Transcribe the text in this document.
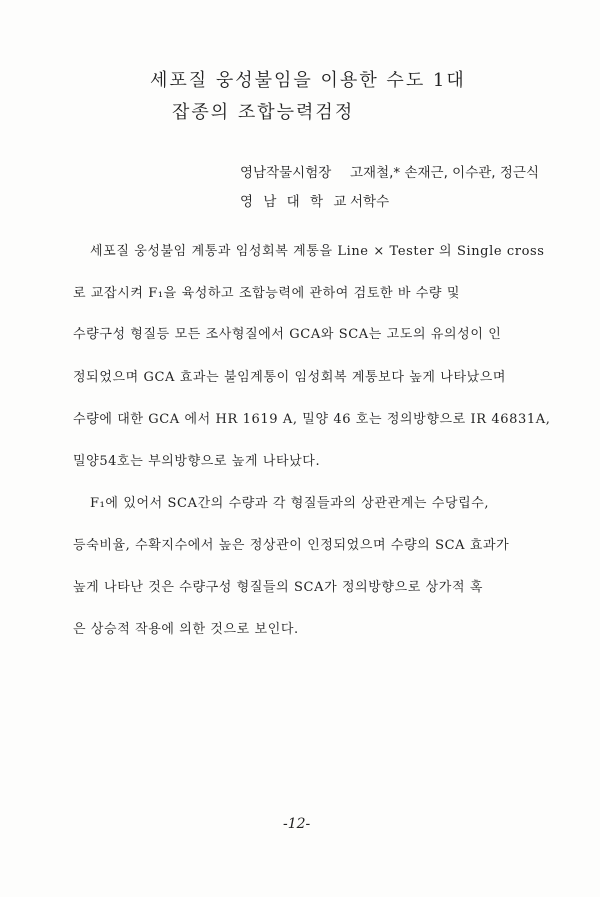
세포질 웅성불임을 이용한 수도 1대
잡종의 조합능력검정
영남작물시험장 고재철,* 손재근, 이수관, 정근식
영 남 대 학 교 서학수
세포질 웅성불임 계통과 임성회복 계통을 Line × Tester 의 Single cross
로 교잡시켜 F₁을 육성하고 조합능력에 관하여 검토한 바 수량 및
수량구성 형질등 모든 조사형질에서 GCA와 SCA는 고도의 유의성이 인
정되었으며 GCA 효과는 불임계통이 임성회복 계통보다 높게 나타났으며
수량에 대한 GCA 에서 HR 1619 A, 밀양 46 호는 정의방향으로 IR 46831A,
밀양54호는 부의방향으로 높게 나타났다.
F₁에 있어서 SCA간의 수량과 각 형질들과의 상관관계는 수당립수,
등숙비율, 수확지수에서 높은 정상관이 인정되었으며 수량의 SCA 효과가
높게 나타난 것은 수량구성 형질들의 SCA가 정의방향으로 상가적 혹
은 상승적 작용에 의한 것으로 보인다.
-12-
